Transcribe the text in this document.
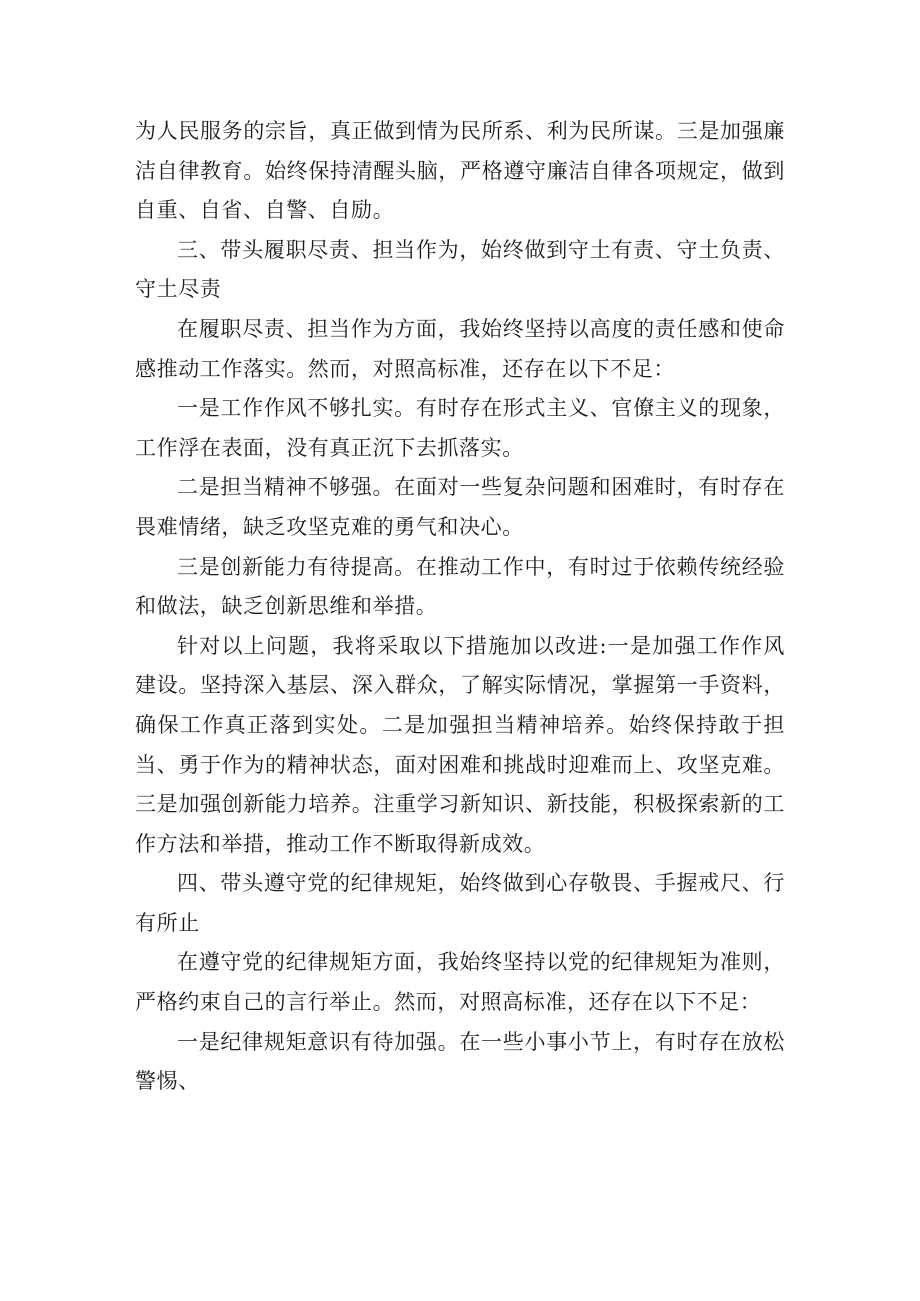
为人民服务的宗旨，真正做到情为民所系、利为民所谋。三是加强廉洁自律教育。始终保持清醒头脑，严格遵守廉洁自律各项规定，做到自重、自省、自警、自励。

三、带头履职尽责、担当作为，始终做到守土有责、守土负责、守土尽责

在履职尽责、担当作为方面，我始终坚持以高度的责任感和使命感推动工作落实。然而，对照高标准，还存在以下不足：

一是工作作风不够扎实。有时存在形式主义、官僚主义的现象，工作浮在表面，没有真正沉下去抓落实。

二是担当精神不够强。在面对一些复杂问题和困难时，有时存在畏难情绪，缺乏攻坚克难的勇气和决心。

三是创新能力有待提高。在推动工作中，有时过于依赖传统经验和做法，缺乏创新思维和举措。

针对以上问题，我将采取以下措施加以改进:一是加强工作作风建设。坚持深入基层、深入群众，了解实际情况，掌握第一手资料，确保工作真正落到实处。二是加强担当精神培养。始终保持敢于担当、勇于作为的精神状态，面对困难和挑战时迎难而上、攻坚克难。三是加强创新能力培养。注重学习新知识、新技能，积极探索新的工作方法和举措，推动工作不断取得新成效。

四、带头遵守党的纪律规矩，始终做到心存敬畏、手握戒尺、行有所止

在遵守党的纪律规矩方面，我始终坚持以党的纪律规矩为准则，严格约束自己的言行举止。然而，对照高标准，还存在以下不足：

一是纪律规矩意识有待加强。在一些小事小节上，有时存在放松警惕、
